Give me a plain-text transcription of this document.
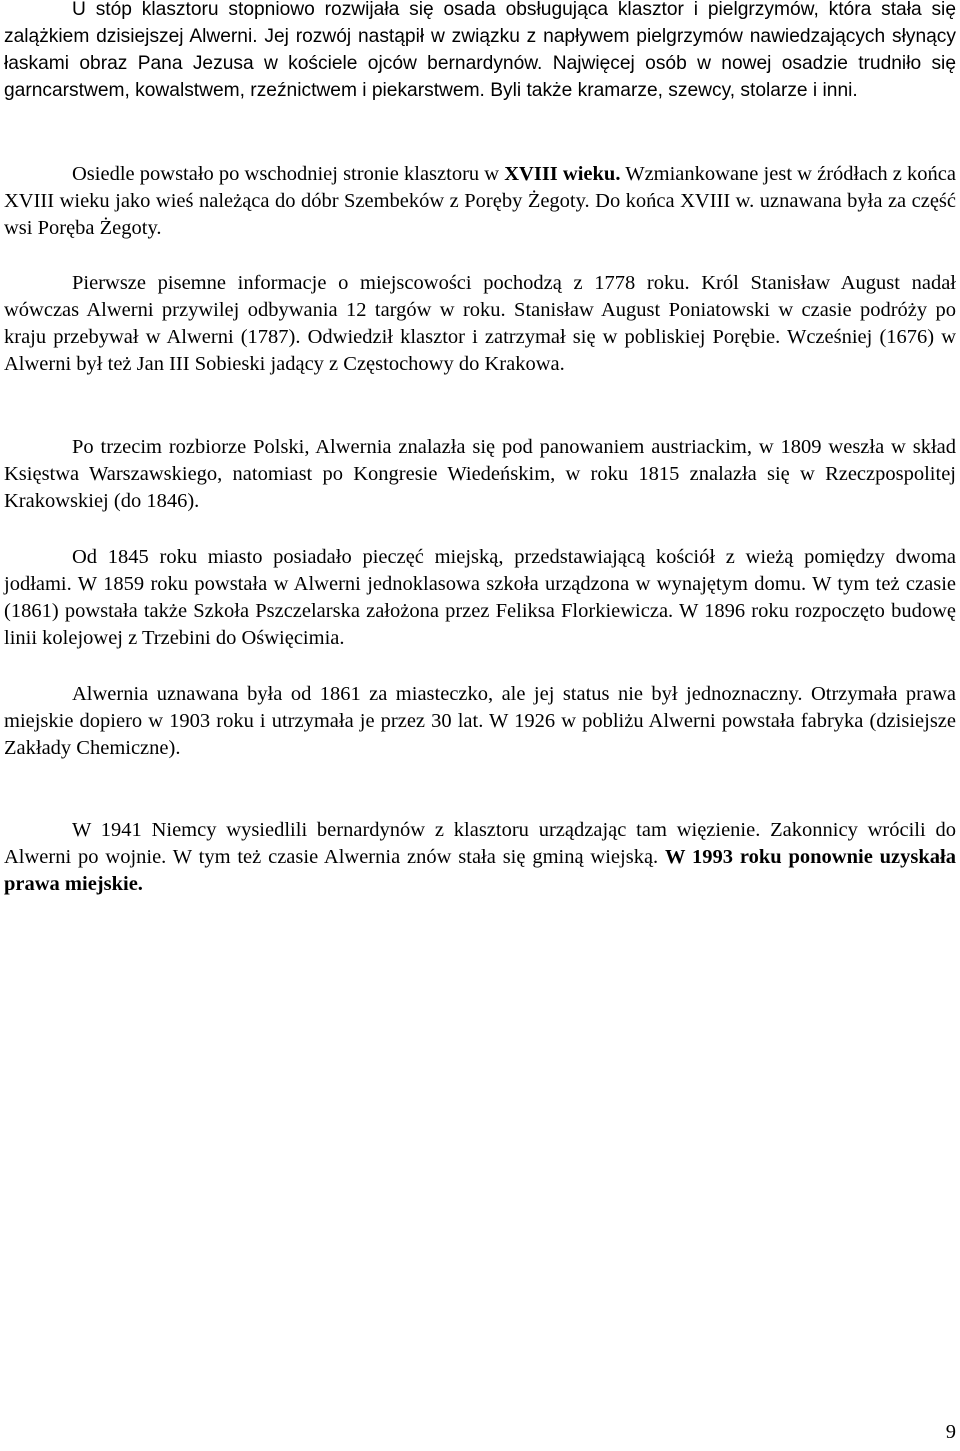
U stóp klasztoru stopniowo rozwijała się osada obsługująca klasztor i pielgrzymów, która stała się zalążkiem dzisiejszej Alwerni. Jej rozwój nastąpił w związku z napływem pielgrzymów nawiedzających słynący łaskami obraz Pana Jezusa w kościele ojców bernardynów. Najwięcej osób w nowej osadzie trudniło się garncarstwem, kowalstwem, rzeźnictwem i piekarstwem. Byli także kramarze, szewcy, stolarze i inni.

Osiedle powstało po wschodniej stronie klasztoru w XVIII wieku. Wzmiankowane jest w źródłach z końca XVIII wieku jako wieś należąca do dóbr Szembeków z Poręby Żegoty. Do końca XVIII w. uznawana była za część wsi Poręba Żegoty.

Pierwsze pisemne informacje o miejscowości pochodzą z 1778 roku. Król Stanisław August nadał wówczas Alwerni przywilej odbywania 12 targów w roku. Stanisław August Poniatowski w czasie podróży po kraju przebywał w Alwerni (1787). Odwiedził klasztor i zatrzymał się w pobliskiej Porębie. Wcześniej (1676) w Alwerni był też Jan III Sobieski jadący z Częstochowy do Krakowa.

Po trzecim rozbiorze Polski, Alwernia znalazła się pod panowaniem austriackim, w 1809 weszła w skład Księstwa Warszawskiego, natomiast po Kongresie Wiedeńskim, w roku 1815 znalazła się w Rzeczpospolitej Krakowskiej (do 1846).

Od 1845 roku miasto posiadało pieczęć miejską, przedstawiającą kościół z wieżą pomiędzy dwoma jodłami. W 1859 roku powstała w Alwerni jednoklasowa szkoła urządzona w wynajętym domu. W tym też czasie (1861) powstała także Szkoła Pszczelarska założona przez Feliksa Florkiewicza. W 1896 roku rozpoczęto budowę linii kolejowej z Trzebini do Oświęcimia.

Alwernia uznawana była od 1861 za miasteczko, ale jej status nie był jednoznaczny. Otrzymała prawa miejskie dopiero w 1903 roku i utrzymała je przez 30 lat. W 1926 w pobliżu Alwerni powstała fabryka (dzisiejsze Zakłady Chemiczne).

W 1941 Niemcy wysiedlili bernardynów z klasztoru urządzając tam więzienie. Zakonnicy wrócili do Alwerni po wojnie. W tym też czasie Alwernia znów stała się gminą wiejską. W 1993 roku ponownie uzyskała prawa miejskie.

9
